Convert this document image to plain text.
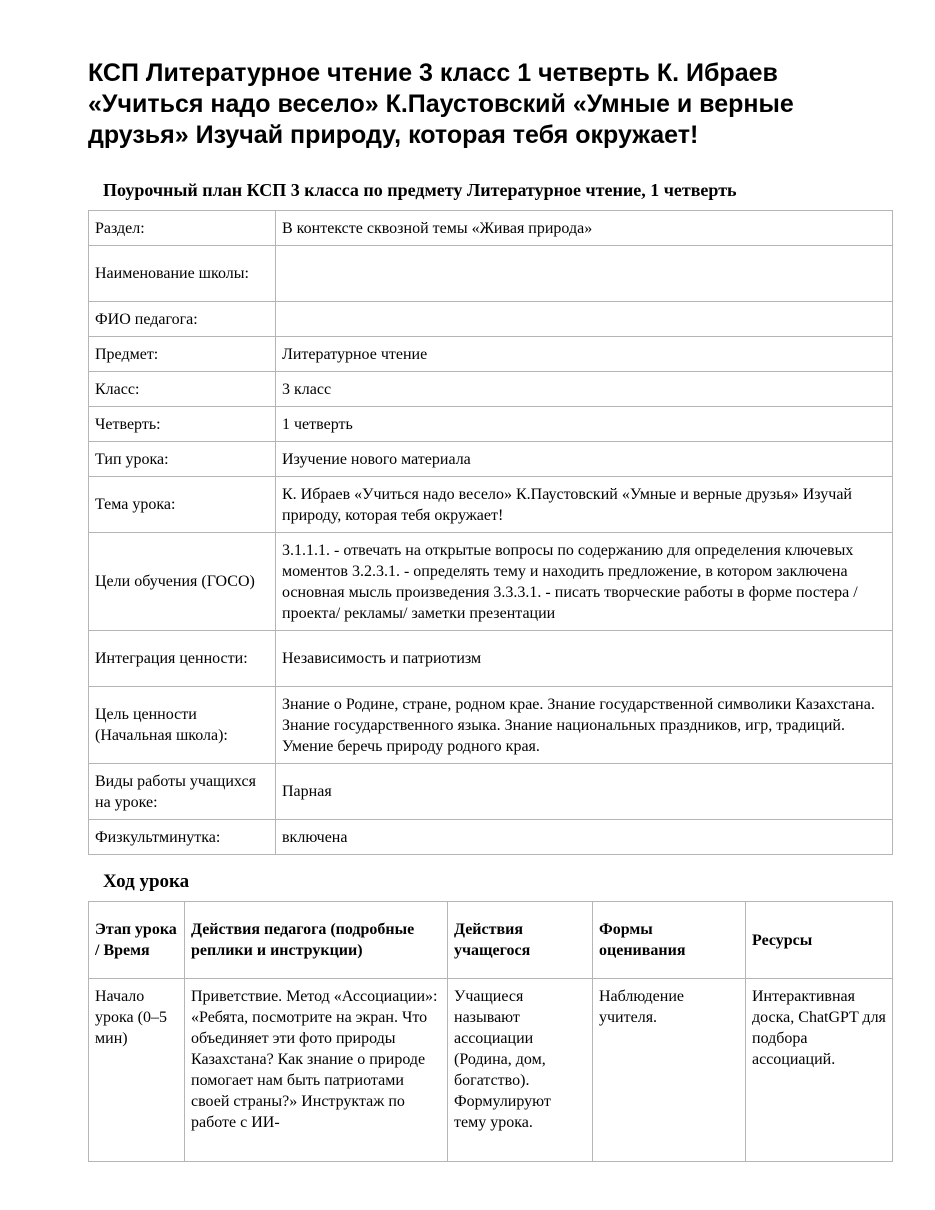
КСП Литературное чтение 3 класс 1 четверть К. Ибраев «Учиться надо весело» К.Паустовский «Умные и верные друзья» Изучай природу, которая тебя окружает!
Поурочный план КСП 3 класса по предмету Литературное чтение, 1 четверть
Раздел:	В контексте сквозной темы «Живая природа»
Наименование школы:	
ФИО педагога:	
Предмет:	Литературное чтение
Класс:	3 класс
Четверть:	1 четверть
Тип урока:	Изучение нового материала
Тема урока:	К. Ибраев «Учиться надо весело» К.Паустовский «Умные и верные друзья» Изучай природу, которая тебя окружает!
Цели обучения (ГОСО)	3.1.1.1. - отвечать на открытые вопросы по содержанию для определения ключевых моментов 3.2.3.1. - определять тему и находить предложение, в котором заключена основная мысль произведения 3.3.3.1. - писать творческие работы в форме постера /проекта/ рекламы/ заметки презентации
Интеграция ценности:	Независимость и патриотизм
Цель ценности (Начальная школа):	Знание о Родине, стране, родном крае. Знание государственной символики Казахстана. Знание государственного языка. Знание национальных праздников, игр, традиций. Умение беречь природу родного края.
Виды работы учащихся на уроке:	Парная
Физкультминутка:	включена
Ход урока
Этап урока / Время	Действия педагога (подробные реплики и инструкции)	Действия учащегося	Формы оценивания	Ресурсы
Начало урока (0–5 мин)	Приветствие. Метод «Ассоциации»: «Ребята, посмотрите на экран. Что объединяет эти фото природы Казахстана? Как знание о природе помогает нам быть патриотами своей страны?» Инструктаж по работе с ИИ-	Учащиеся называют ассоциации (Родина, дом, богатство). Формулируют тему урока.	Наблюдение учителя.	Интерактивная доска, ChatGPT для подбора ассоциаций.
